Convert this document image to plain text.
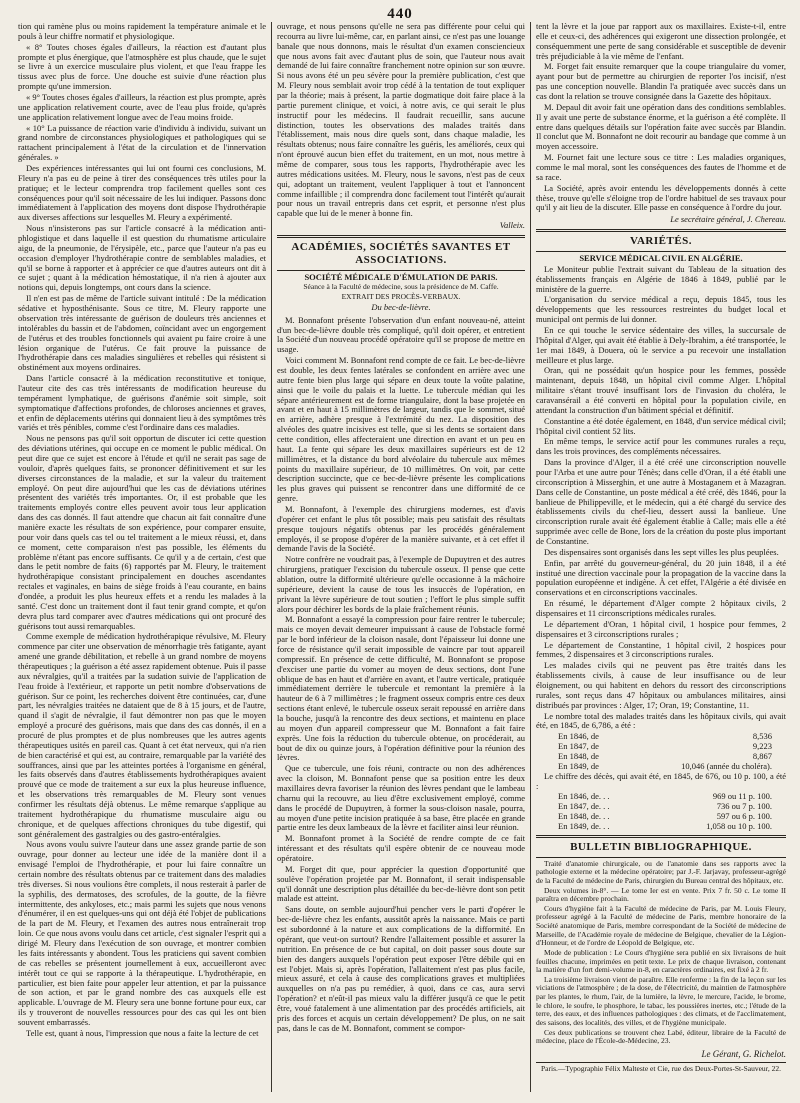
440

tion qui ramène plus ou moins rapidement la température animale et le pouls à leur chiffre normatif et physiologique.

« 8° Toutes choses égales d'ailleurs, la réaction est d'autant plus prompte et plus énergique, que l'atmosphère est plus chaude, que le sujet se livre à un exercice musculaire plus violent, et que l'eau frappe les tissus avec plus de force. Une douche est suivie d'une réaction plus prompte qu'une immersion.

« 9° Toutes choses égales d'ailleurs, la réaction est plus prompte, après une application relativement courte, avec de l'eau plus froide, qu'après une application relativement longue avec de l'eau moins froide.

« 10° La puissance de réaction varie d'individu à individu, suivant un grand nombre de circonstances physiologiques et pathologiques qui se rattachent principalement à l'état de la circulation et de l'innervation générales. »

Des expériences intéressantes qui lui ont fourni ces conclusions, M. Fleury n'a pas eu de peine à tirer des conséquences très utiles pour la pratique; et le lecteur comprendra trop facilement quelles sont ces conséquences pour qu'il soit nécessaire de les lui indiquer. Passons donc immédiatement à l'application des moyens dont dispose l'hydrothérapie aux diverses affections sur lesquelles M. Fleury a expérimenté.

Nous n'insisterons pas sur l'article consacré à la médication anti-phlogistique et dans laquelle il est question du rhumatisme articulaire aigu, de la pneumonie, de l'érysipèle, etc., parce que l'auteur n'a pas eu occasion d'employer l'hydrothérapie contre de semblables maladies, et qu'il se borne à rapporter et à apprécier ce que d'autres auteurs ont dit à ce sujet ; quant à la médication hémostatique, il n'a rien à ajouter aux notions qui, depuis longtemps, ont cours dans la science.

Il n'en est pas de même de l'article suivant intitulé : De la médication sédative et hyposthénisante. Sous ce titre, M. Fleury rapporte une observation très intéressante de guérison de douleurs très anciennes et intolérables du bassin et de l'abdomen, coïncidant avec un engorgement de l'utérus et des troubles fonctionnels qui avaient pu faire croire à une lésion organique de l'utérus. Ce fait prouve la puissance de l'hydrothérapie dans ces maladies singulières et rebelles qui résistent si obstinément aux moyens ordinaires.

Dans l'article consacré à la médication reconstitutive et tonique, l'auteur cite des cas très intéressants de modification heureuse du tempérament lymphatique, de guérisons d'anémie soit simple, soit symptomatique d'affections profondes, de chloroses anciennes et graves, et enfin de déplacements utérins qui donnaient lieu à des symptômes très variés et très pénibles, comme c'est l'ordinaire dans ces maladies.

Nous ne pensons pas qu'il soit opportun de discuter ici cette question des déviations utérines, qui occupe en ce moment le public médical. On peut dire que ce sujet est encore à l'étude et qu'il ne serait pas sage de vouloir, d'après quelques faits, se prononcer définitivement et sur les diverses circonstances de la maladie, et sur la valeur du traitement employé. On peut dire aujourd'hui que les cas de déviations utérines présentent des variétés très importantes. Or, il est probable que les traitements employés contre elles peuvent avoir tous leur application dans des cas donnés. Il faut attendre que chacun ait fait connaître d'une manière exacte les résultats de son expérience, pour comparer ensuite, pour voir dans quels cas tel ou tel traitement a le mieux réussi, et, dans ce moment, cette comparaison n'est pas possible, les éléments du problème n'étant pas encore suffisants. Ce qu'il y a de certain, c'est que dans le petit nombre de faits (6) rapportés par M. Fleury, le traitement hydrothérapique consistant principalement en douches ascendantes rectales et vaginales, en bains de siège froids à l'eau courante, en bains d'ondée, a produit les plus heureux effets et a rendu les malades à la santé. C'est donc un traitement dont il faut tenir grand compte, et qu'on devra plus tard comparer avec d'autres médications qui ont procuré des guérisons tout aussi remarquables.

Comme exemple de médication hydrothérapique révulsive, M. Fleury commence par citer une observation de ménorrhagie très fatigante, ayant amené une grande débilitation, et rebelle à un grand nombre de moyens thérapeutiques ; la guérison a été assez rapidement obtenue. Puis il passe aux névralgies, qu'il a traitées par la sudation suivie de l'application de l'eau froide à l'extérieur, et rapporte un petit nombre d'observations de guérison. Sur ce point, les recherches doivent être continuées, car, d'une part, les névralgies traitées ne dataient que de 8 à 15 jours, et de l'autre, quand il s'agit de névralgie, il faut démontrer non pas que le moyen employé a procuré des guérisons, mais que dans des cas donnés, il en a procuré de plus promptes et de plus nombreuses que les autres agents thérapeutiques usités en pareil cas. Quant à cet état nerveux, qui n'a rien de bien caractérisé et qui est, au contraire, remarquable par la variété des souffrances, ainsi que par les atteintes portées à l'organisme en général, les faits observés dans d'autres établissements hydrothérapiques avaient prouvé que ce mode de traitement a sur eux la plus heureuse influence, et les observations très remarquables de M. Fleury sont venues confirmer les résultats déjà obtenus. Le même remarque s'applique au traitement hydrothérapique du rhumatisme musculaire aigu ou chronique, et de quelques affections chroniques du tube digestif, qui sont généralement des gastralgies ou des gastro-entéralgies.

Nous avons voulu suivre l'auteur dans une assez grande partie de son ouvrage, pour donner au lecteur une idée de la manière dont il a envisagé l'emploi de l'hydrothérapie, et pour lui faire connaître un certain nombre des résultats obtenus par ce traitement dans des maladies très diverses. Si nous voulions être complets, il nous resterait à parler de la syphilis, des dermatoses, des scrofules, de la goutte, de la fièvre intermittente, des ankyloses, etc.; mais parmi les sujets que nous venons d'énumérer, il en est quelques-uns qui ont déjà été l'objet de publications de la part de M. Fleury, et l'examen des autres nous entraînerait trop loin. Ce que nous avons voulu dans cet article, c'est signaler l'esprit qui a dirigé M. Fleury dans l'exécution de son ouvrage, et montrer combien les faits intéressants y abondent. Tous les praticiens qui savent combien de cas rebelles se présentent journellement à eux, accueilleront avec intérêt tout ce qui se rapporte à la thérapeutique. L'hydrothérapie, en particulier, est bien faite pour appeler leur attention, et par la puissance de son action, et par le grand nombre des cas auxquels elle est applicable. L'ouvrage de M. Fleury sera une bonne fortune pour eux, car ils y trouveront de nouvelles ressources pour des cas qui les ont bien souvent embarrassés.

Telle est, quant à nous, l'impression que nous a faite la lecture de cet

ouvrage, et nous pensons qu'elle ne sera pas différente pour celui qui recourra au livre lui-même, car, en parlant ainsi, ce n'est pas une louange banale que nous donnons, mais le résultat d'un examen consciencieux que nous avons fait avec d'autant plus de soin, que l'auteur nous avait demandé de lui faire connaître franchement notre opinion sur son œuvre. Si nous avons été un peu sévère pour la première publication, c'est que M. Fleury nous semblait avoir trop cédé à la tentation de tout expliquer par la théorie; mais à présent, la partie dogmatique doit faire place à la partie purement clinique, et voici, à notre avis, ce qui serait le plus instructif pour les médecins. Il faudrait recueillir, sans aucune distinction, toutes les observations des malades traités dans l'établissement, mais nous dire quels sont, dans chaque maladie, les résultats obtenus; nous faire connaître les guéris, les améliorés, ceux qui n'ont éprouvé aucun bien effet du traitement, en un mot, nous mettre à même de comparer, sous tous les rapports, l'hydrothérapie avec les autres médications usitées. M. Fleury, nous le savons, n'est pas de ceux qui, adoptant un traitement, veulent l'appliquer à tout et l'annoncent comme infaillible ; il comprendra donc facilement tout l'intérêt qu'aurait pour nous un travail entrepris dans cet esprit, et personne n'est plus capable que lui de le mener à bonne fin.

Valleix.
ACADÉMIES, SOCIÉTÉS SAVANTES ET ASSOCIATIONS.
SOCIÉTÉ MÉDICALE D'ÉMULATION DE PARIS.
Séance à la Faculté de médecine, sous la présidence de M. Caffe.
EXTRAIT DES PROCÈS-VERBAUX.
Du bec-de-lièvre.

M. Bonnafont présente l'observation d'un enfant nouveau-né, atteint d'un bec-de-lièvre double très compliqué, qu'il doit opérer, et entretient la Société d'un nouveau procédé opératoire qu'il se propose de mettre en usage.

Voici comment M. Bonnafont rend compte de ce fait. Le bec-de-lièvre est double, les deux fentes latérales se confondent en arrière avec une autre fente bien plus large qui sépare en deux toute la voûte palatine, ainsi que le voile du palais et la luette. Le tubercule médian qui les sépare antérieurement est de forme triangulaire, dont la base projetée en avant et en haut à 15 millimètres de largeur, tandis que le sommet, situé en arrière, adhère presque à l'extrémité du nez. La disposition des alvéoles des quatre incisives est telle, que si les dents se sortaient dans cette condition, elles affecteraient une direction en avant et un peu en haut. La fente qui sépare les deux maxillaires supérieurs est de 12 millimètres, et la distance du bord alvéolaire du tubercule aux mêmes points du maxillaire supérieur, de 10 millimètres. On voit, par cette description succincte, que ce bec-de-lièvre présente les complications les plus graves qui puissent se rencontrer dans une difformité de ce genre.

M. Bonnafont, à l'exemple des chirurgiens modernes, est d'avis d'opérer cet enfant le plus tôt possible; mais peu satisfait des résultats presque toujours négatifs obtenus par les procédés généralement employés, il se propose d'opérer de la manière suivante, et à cet effet il demande l'avis de la Société.

Notre confrère ne voudrait pas, à l'exemple de Dupuytren et des autres chirurgiens, pratiquer l'excision du tubercule osseux. Il pense que cette ablation, outre la difformité ultérieure qu'elle occasionne à la mâchoire supérieure, devient la cause de tous les insuccès de l'opération, en privant la lèvre supérieure de tout soutien ; l'effort le plus simple suffit alors pour déchirer les bords de la plaie fraîchement réunis.

M. Bonnafont a essayé la compression pour faire rentrer le tubercule; mais ce moyen devait demeurer impuissant à cause de l'obstacle formé par le bord inférieur de la cloison nasale, dont l'épaisseur lui donne une force de résistance qu'il serait impossible de vaincre par tout appareil compressif. En présence de cette difficulté, M. Bonnafont se propose d'exciser une partie du vomer au moyen de deux sections, dont l'une oblique de bas en haut et d'arrière en avant, et l'autre verticale, pratiquée immédiatement derrière le tubercule et remontant la première à la hauteur de 6 à 7 millimètres ; le fragment osseux compris entre ces deux sections étant enlevé, le tubercule osseux serait repoussé en arrière dans la bouche, jusqu'à la rencontre des deux sections, et maintenu en place au moyen d'un appareil compresseur que M. Bonnafont a fait faire exprès. Une fois la réduction du tubercule obtenue, on procéderait, au bout de dix ou quinze jours, à l'opération définitive pour la réunion des lèvres.

Que ce tubercule, une fois réuni, contracte ou non des adhérences avec la cloison, M. Bonnafont pense que sa position entre les deux maxillaires devra favoriser la réunion des lèvres pendant que le lambeau charnu qui la recouvre, au lieu d'être exclusivement employé, comme dans le procédé de Dupuytren, à former la sous-cloison nasale, pourra, au moyen d'une petite incision pratiquée à sa base, être placée en grande partie entre les deux lambeaux de la lèvre et faciliter ainsi leur réunion.

M. Bonnafont promet à la Société de rendre compte de ce fait intéressant et des résultats qu'il espère obtenir de ce nouveau mode opératoire.

M. Forget dit que, pour apprécier la question d'opportunité que soulève l'opération projetée par M. Bonnafont, il serait indispensable qu'il donnât une description plus détaillée du bec-de-lièvre dont son petit malade est atteint.

Sans doute, on semble aujourd'hui pencher vers le parti d'opérer le bec-de-lièvre chez les enfants, aussitôt après la naissance. Mais ce parti est subordonné à la nature et aux complications de la difformité. En opérant, que veut-on surtout? Rendre l'allaitement possible et assurer la nutrition. En présence de ce but capital, on doit passer sous doute sur bien des dangers auxquels l'opération peut exposer l'être débile qui en est l'objet. Mais si, après l'opération, l'allaitement n'est pas plus facile, mieux assuré, et cela à cause des complications graves et multipliées auxquelles on n'a pas pu remédier, à quoi, dans ce cas, aura servi l'opération? et n'eût-il pas mieux valu la différer jusqu'à ce que le petit être, voué fatalement à une alimentation par des procédés artificiels, ait pris des forces et acquis un certain développement? De plus, on ne sait pas, dans le cas de M. Bonnafont, comment se compor-

tent la lèvre et la joue par rapport aux os maxillaires. Existe-t-il, entre elle et ceux-ci, des adhérences qui exigeront une dissection prolongée, et conséquemment une perte de sang considérable et susceptible de devenir très préjudiciable à la vie même de l'enfant.

M. Forget fait ensuite remarquer que la coupe triangulaire du vomer, ayant pour but de permettre au chirurgien de reporter l'os incisif, n'est pas une conception nouvelle. Blandin l'a pratiquée avec succès dans un cas dont la relation se trouve consignée dans la Gazette des hôpitaux.

M. Depaul dit avoir fait une opération dans des conditions semblables. Il y avait une perte de substance énorme, et la guérison a été complète. Il entre dans quelques détails sur l'opération faite avec succès par Blandin. Il conclut que M. Bonnafont ne doit recourir au bandage que comme à un moyen accessoire.

M. Fournet fait une lecture sous ce titre : Les maladies organiques, comme le mal moral, sont les conséquences des fautes de l'homme et de sa race.

La Société, après avoir entendu les développements donnés à cette thèse, trouve qu'elle s'éloigne trop de l'ordre habituel de ses travaux pour qu'il y ait lieu de la discuter. Elle passe en conséquence à l'ordre du jour.

Le secrétaire général, J. Chereau.
VARIÉTÉS.
SERVICE MÉDICAL CIVIL EN ALGÉRIE.

Le Moniteur publie l'extrait suivant du Tableau de la situation des établissements français en Algérie de 1846 à 1849, publié par le ministère de la guerre.

L'organisation du service médical a reçu, depuis 1845, tous les développements que les ressources restreintes du budget local et municipal ont permis de lui donner.

En ce qui touche le service sédentaire des villes, la succursale de l'hôpital d'Alger, qui avait été établie à Dely-Ibrahim, a été transportée, le 1er mai 1849, à Douera, où le service a pu recevoir une installation meilleure et plus large.

Oran, qui ne possédait qu'un hospice pour les femmes, possède maintenant, depuis 1848, un hôpital civil comme Alger. L'hôpital militaire s'étant trouvé insuffisant lors de l'invasion du choléra, le caravansérail a été converti en hôpital pour la population civile, en attendant la construction d'un bâtiment spécial et définitif.

Constantine a été dotée également, en 1848, d'un service médical civil; l'hôpital civil contient 52 lits.

En même temps, le service actif pour les communes rurales a reçu, dans les trois provinces, des compléments nécessaires.

Dans la province d'Alger, il a été créé une circonscription nouvelle pour l'Arba et une autre pour Ténès; dans celle d'Oran, il a été établi une circonscription à Misserghin, et une autre à Mostaganem et à Mazagran. Dans celle de Constantine, un poste médical a été créé, dès 1846, pour la banlieue de Philippeville, et le médecin, qui a été chargé du service des établissements civils du chef-lieu, dessert aussi la banlieue. Une circonscription rurale avait été également établie à Calle; mais elle a été supprimée avec celle de Bone, lors de la création du poste plus important de Constantine.

Des dispensaires sont organisés dans les sept villes les plus peuplées.

Enfin, par arrêté du gouverneur-général, du 20 juin 1848, il a été institué une direction vaccinale pour la propagation de la vaccine dans la population européenne et indigène. À cet effet, l'Algérie a été divisée en conservations et en circonscriptions vaccinales.

En résumé, le département d'Alger compte 2 hôpitaux civils, 2 dispensaires et 11 circonscriptions médicales rurales.

Le département d'Oran, 1 hôpital civil, 1 hospice pour femmes, 2 dispensaires et 3 circonscriptions rurales ;

Le département de Constantine, 1 hôpital civil, 2 hospices pour femmes, 2 dispensaires et 3 circonscriptions rurales.

Les malades civils qui ne peuvent pas être traités dans les établissements civils, à cause de leur insuffisance ou de leur éloignement, ou qui habitent en dehors du ressort des circonscriptions rurales, sont reçus dans 47 hôpitaux ou ambulances militaires, ainsi distribués par provinces : Alger, 17; Oran, 19; Constantine, 11.

Le nombre total des malades traités dans les hôpitaux civils, qui avait été, en 1845, de 6,786, a été :

En 1846, de	8,536
En 1847, de	9,223
En 1848, de	8,867
En 1849, de	10,046 (année du choléra).

Le chiffre des décès, qui avait été, en 1845, de 676, ou 10 p. 100, a été :

En 1846, de. . .	969 ou 11 p. 100.
En 1847, de. . .	736 ou 7 p. 100.
En 1848, de. . .	597 ou 6 p. 100.
En 1849, de. . .	1,058 ou 10 p. 100.
BULLETIN BIBLIOGRAPHIQUE.

Traité d'anatomie chirurgicale, ou de l'anatomie dans ses rapports avec la pathologie externe et la médecine opératoire; par J.-F. Jarjavay, professeur-agrégé de la Faculté de médecine de Paris, chirurgien du Bureau central des hôpitaux, etc.

Deux volumes in-8°. — Le tome Ier est en vente. Prix 7 fr. 50 c. Le tome II paraîtra en décembre prochain.

Cours d'hygiène fait à la Faculté de médecine de Paris, par M. Louis Fleury, professeur agrégé à la Faculté de médecine de Paris, membre honoraire de la Société anatomique de Paris, membre correspondant de la Société de médecine de Marseille, de l'Académie royale de médecine de Belgique, chevalier de la Légion-d'Honneur, et de l'ordre de Léopold de Belgique, etc.

Mode de publication : Le Cours d'hygiène sera publié en six livraisons de huit feuilles chacune, imprimées en petit texte. Le prix de chaque livraison, contenant la matière d'un fort demi-volume in-8, en caractères ordinaires, est fixé à 2 fr.

La troisième livraison vient de paraître. Elle renferme : la fin de la leçon sur les viciations de l'atmosphère ; de la dose, de l'électricité, du maintien de l'atmosphère par les plantes, le rhum, l'air, de la lumière, la lèvre, le mercure, l'acide, le brome, le chlore, le soufre, le phosphore, le tabac, les poussières inertes, etc.; l'étude de la terre, des eaux, et des influences pathologiques : des climats, et de l'acclimatement, des saisons, des localités, des villes, et de l'hygiène municipale.

Ces deux publications se trouvent chez Labé, éditeur, libraire de la Faculté de médecine, place de l'École-de-Médecine, 23.

Le Gérant, G. Richelot.
Paris.—Typographie Félix Malteste et Cie, rue des Deux-Portes-St-Sauveur, 22.
